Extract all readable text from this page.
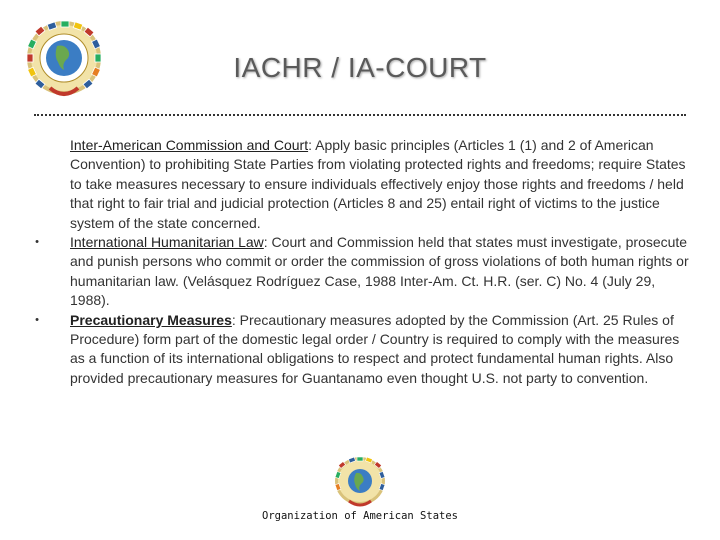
IACHR / IA-COURT
Inter-American Commission and Court: Apply basic principles (Articles 1 (1) and 2 of American Convention) to prohibiting State Parties from violating protected rights and freedoms; require States to take measures necessary to ensure individuals effectively enjoy those rights and freedoms / held that right to fair trial and judicial protection (Articles 8 and 25) entail right of victims to the justice system of the state concerned.
•	International Humanitarian Law: Court and Commission held that states must investigate, prosecute and punish persons who commit or order the commission of gross violations of both human rights or humanitarian law. (Velásquez Rodríguez Case, 1988 Inter-Am. Ct. H.R. (ser. C) No. 4 (July 29, 1988).
•	Precautionary Measures: Precautionary measures adopted by the Commission (Art. 25 Rules of Procedure) form part of the domestic legal order / Country is required to comply with the measures as a function of its international obligations to respect and protect fundamental human rights. Also provided precautionary measures for Guantanamo even thought U.S. not party to convention.
Organization of American States
